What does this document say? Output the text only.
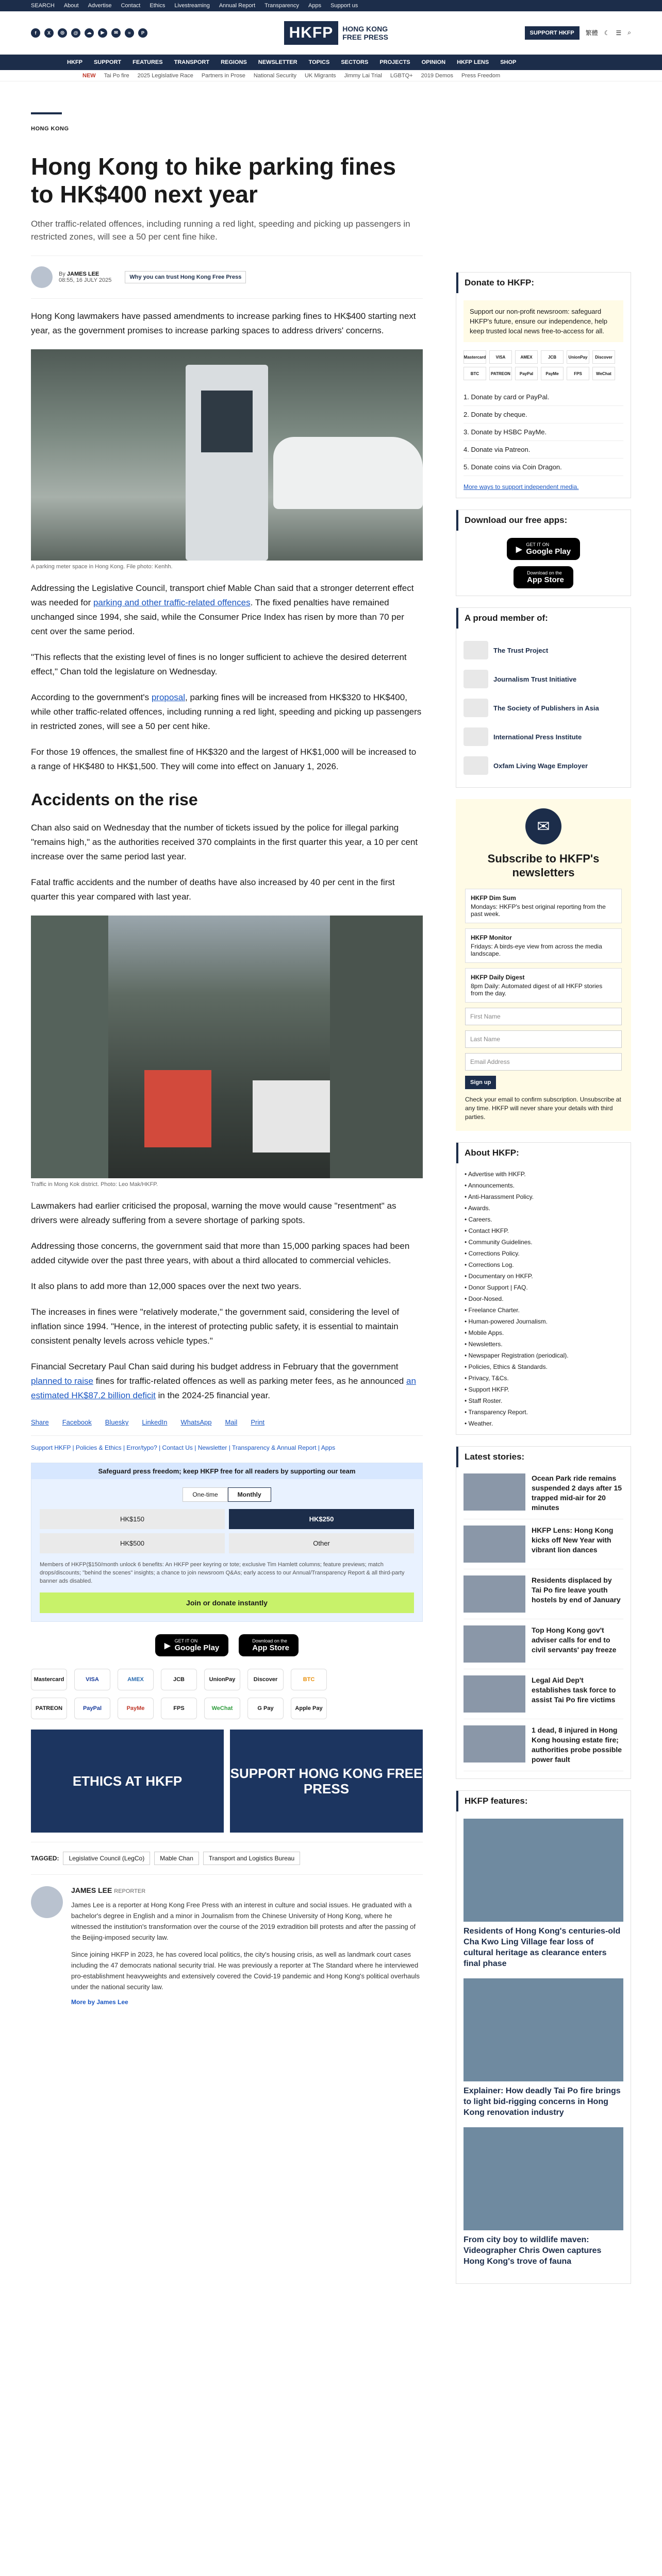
SEARCH About Advertise Contact Ethics Livestreaming Annual Report Transparency Apps Support us
f	X	◎	@	☁	▶	✉	≈	P	HKFP	HONG KONG
FREE PRESS	SUPPORT HKFP	繁體 ☾ ☰ ⌕
HKFP SUPPORT FEATURES TRANSPORT REGIONS NEWSLETTER TOPICS SECTORS PROJECTS OPINION HKFP LENS SHOP
NEW Tai Po fire 2025 Legislative Race Partners in Prose National Security UK Migrants Jimmy Lai Trial LGBTQ+ 2019 Demos Press Freedom
HONG KONG
Hong Kong to hike parking fines to HK$400 next year
Other traffic-related offences, including running a red light, speeding and picking up passengers in restricted zones, will see a 50 per cent fine hike.
By JAMES LEE
08:55, 16 JULY 2025	Why you can trust Hong Kong Free Press

Hong Kong lawmakers have passed amendments to increase parking fines to HK$400 starting next year, as the government promises to increase parking spaces to address drivers' concerns.

A parking meter space in Hong Kong. File photo: Kenhh.

Addressing the Legislative Council, transport chief Mable Chan said that a stronger deterrent effect was needed for parking and other traffic-related offences. The fixed penalties have remained unchanged since 1994, she said, while the Consumer Price Index has risen by more than 70 per cent over the same period.

"This reflects that the existing level of fines is no longer sufficient to achieve the desired deterrent effect," Chan told the legislature on Wednesday.

According to the government's proposal, parking fines will be increased from HK$320 to HK$400, while other traffic-related offences, including running a red light, speeding and picking up passengers in restricted zones, will see a 50 per cent hike.

For those 19 offences, the smallest fine of HK$320 and the largest of HK$1,000 will be increased to a range of HK$480 to HK$1,500. They will come into effect on January 1, 2026.

Accidents on the rise

Chan also said on Wednesday that the number of tickets issued by the police for illegal parking "remains high," as the authorities received 370 complaints in the first quarter this year, a 10 per cent increase over the same period last year.

Fatal traffic accidents and the number of deaths have also increased by 40 per cent in the first quarter this year compared with last year.

Traffic in Mong Kok district. Photo: Leo Mak/HKFP.

Lawmakers had earlier criticised the proposal, warning the move would cause "resentment" as drivers were already suffering from a severe shortage of parking spots.

Addressing those concerns, the government said that more than 15,000 parking spaces had been added citywide over the past three years, with about a third allocated to commercial vehicles.

It also plans to add more than 12,000 spaces over the next two years.

The increases in fines were "relatively moderate," the government said, considering the level of inflation since 1994. "Hence, in the interest of protecting public safety, it is essential to maintain consistent penalty levels across vehicle types."

Financial Secretary Paul Chan said during his budget address in February that the government planned to raise fines for traffic-related offences as well as parking meter fees, as he announced an estimated HK$87.2 billion deficit in the 2024-25 financial year.

Share Facebook Bluesky LinkedIn WhatsApp Mail Print
Support HKFP | Policies & Ethics | Error/typo? | Contact Us | Newsletter | Transparency & Annual Report | Apps
Safeguard press freedom; keep HKFP free for all readers by supporting our team
One-time	Monthly
HK$150	HK$250
HK$500	Other
Members of HKFP($150/month unlock 6 benefits: An HKFP peer keyring or tote; exclusive Tim Hamlett columns; feature previews; match drops/discounts; "behind the scenes" insights; a chance to join newsroom Q&As; early access to our Annual/Transparency Report & all third-party banner ads disabled.
Join or donate instantly
▶
GET IT ON
Google Play
Download on the
App Store
Mastercard	VISA	AMEX	JCB	UnionPay	Discover	BTC
PATREON	PayPal	PayMe	FPS	WeChat	G Pay	Apple Pay
ETHICS AT HKFP	SUPPORT HONG KONG FREE PRESS
TAGGED:	Legislative Council (LegCo)	Mable Chan	Transport and Logistics Bureau
JAMES LEE REPORTER

James Lee is a reporter at Hong Kong Free Press with an interest in culture and social issues. He graduated with a bachelor's degree in English and a minor in Journalism from the Chinese University of Hong Kong, where he witnessed the institution's transformation over the course of the 2019 extradition bill protests and after the passing of the Beijing-imposed security law.

Since joining HKFP in 2023, he has covered local politics, the city's housing crisis, as well as landmark court cases including the 47 democrats national security trial. He was previously a reporter at The Standard where he interviewed pro-establishment heavyweights and extensively covered the Covid-19 pandemic and Hong Kong's political overhauls under the national security law.

More by James Lee
Donate to HKFP:
Support our non-profit newsroom: safeguard HKFP's future, ensure our independence, help keep trusted local news free-to-access for all.
Mastercard	VISA	AMEX	JCB	UnionPay	Discover
BTC	PATREON	PayPal	PayMe	FPS	WeChat
1. Donate by card or PayPal.
2. Donate by cheque.
3. Donate by HSBC PayMe.
4. Donate via Patreon.
5. Donate coins via Coin Dragon.
More ways to support independent media.
Download our free apps:
▶
GET IT ON
Google Play
Download on the
App Store
A proud member of:
The Trust Project
Journalism Trust Initiative
The Society of Publishers in Asia
International Press Institute
Oxfam Living Wage Employer
✉
Subscribe to HKFP's newsletters
HKFP Dim Sum
Mondays: HKFP's best original reporting from the past week.
HKFP Monitor
Fridays: A birds-eye view from across the media landscape.
HKFP Daily Digest
8pm Daily: Automated digest of all HKFP stories from the day.
First Name
Last Name
Email Address
Sign up
Check your email to confirm subscription. Unsubscribe at any time. HKFP will never share your details with third parties.
About HKFP:
• Advertise with HKFP.
• Announcements.
• Anti-Harassment Policy.
• Awards.
• Careers.
• Contact HKFP.
• Community Guidelines.
• Corrections Policy.
• Corrections Log.
• Documentary on HKFP.
• Donor Support | FAQ.
• Door-Nosed.
• Freelance Charter.
• Human-powered Journalism.
• Mobile Apps.
• Newsletters.
• Newspaper Registration (periodical).
• Policies, Ethics & Standards.
• Privacy, T&Cs.
• Support HKFP.
• Staff Roster.
• Transparency Report.
• Weather.
Latest stories:
Ocean Park ride remains suspended 2 days after 15 trapped mid-air for 20 minutes
HKFP Lens: Hong Kong kicks off New Year with vibrant lion dances
Residents displaced by Tai Po fire leave youth hostels by end of January
Top Hong Kong gov't adviser calls for end to civil servants' pay freeze
Legal Aid Dep't establishes task force to assist Tai Po fire victims
1 dead, 8 injured in Hong Kong housing estate fire; authorities probe possible power fault
HKFP features:
Residents of Hong Kong's centuries-old Cha Kwo Ling Village fear loss of cultural heritage as clearance enters final phase
Explainer: How deadly Tai Po fire brings to light bid-rigging concerns in Hong Kong renovation industry
From city boy to wildlife maven: Videographer Chris Owen captures Hong Kong's trove of fauna
